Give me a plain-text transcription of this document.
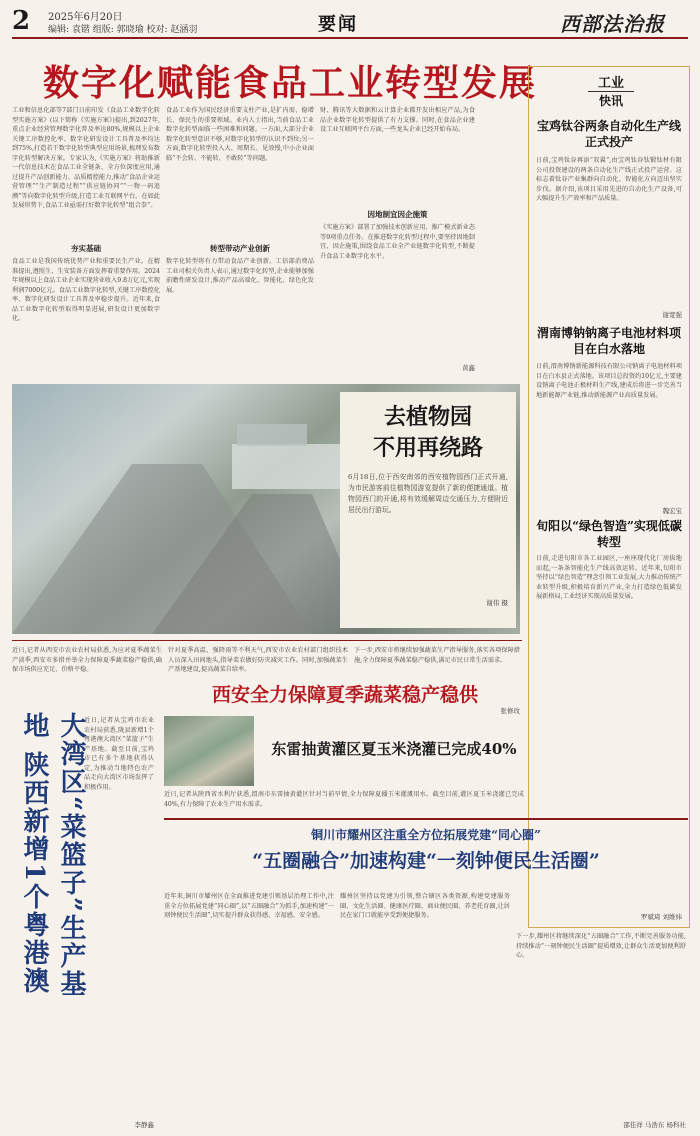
2 2025年6月20日
编辑: 袁锴 组版: 郭晓瑜 校对: 赵涵羽	要闻	西部法治报
数字化赋能食品工业转型发展
工业和信息化部等7部门日前印发《食品工业数字化转型实施方案》(以下简称《实施方案》)提出,到2027年,重点企业经营管理数字化普及率达80%,规模以上企业关键工序数控化率、数字化研发设计工具普及率均达到75%,打造若干数字化转型典型应用场景,梳理发布数字化转型解决方案。专家认为,《实施方案》将助推新一代信息技术在食品工业全链条、全方位深度应用,通过提升产品创新能力、品质精控能力,推动“食品企业运营管理”“生产制造过程”“供应链协同”“一物一码追溯”等向数字化转型升级,打造工业互联网平台。在如此发展形势下,食品工业亟需打好数字化转型“组合拳”。
夯实基础
食品工业是我国传统优势产业和重要民生产业。在精准提出,遵照生、生安装备方面发挥着重要作用。2024年规模以上食品工业企业实现营业收入9.8万亿元,实现利润7000亿元。食品工业数字化转型,关键工序数控化率、数字化研发设计工具普及率稳步提升。近年来,食品工业数字化转型取得明显进展,研发设计更加数字化。
食品工业作为国民经济重要支柱产业,是扩内需、稳增长、保民生的重要领域。业内人士指出,当前食品工业数字化转型面临一些困难和问题。一方面,大部分企业数字化转型意识不够,对数字化转型的认识不到位;另一方面,数字化转型投入大、周期长、见效慢,中小企业面临“不会转、不能转、不敢转”等问题。
转型带动产业创新
数字化转型将有力带动食品产业创新。工信部消费品工业司相关负责人表示,通过数字化转型,企业能够加强前瞻性研发设计,推动产品高端化、智能化、绿色化发展。
财、腾讯等大数据和云计算企业都开发出相应产品,为食品企业数字化转型提供了有力支撑。同时,在食品企业建设工业互联网平台方面,一些龙头企业已经开始布局。
因地制宜因企施策
《实施方案》部署了加强技术创新应用、推广模式新业态等9项重点任务。在推进数字化转型过程中,要坚持因地制宜、因企施策,围绕食品工业全产业链数字化转型,不断提升食品工业数字化水平。
黄鑫
工业
快讯
宝鸡钛谷两条自动化生产线正式投产
日前,宝鸡钛谷再添“双翼”,由宝鸡钛谷钛锻钛材有限公司投资建设的两条自动化生产线正式投产运营。这标志着钛谷产业集群向自动化、智能化方向迈出坚实步伐。据介绍,该项目采用先进的自动化生产设备,可大幅提升生产效率和产品质量。
谢宽强
渭南博钠钠离子电池材料项目在白水落地
日前,渭南博钠新能源科技有限公司钠离子电池材料项目在白水县正式落地。该项目总投资约10亿元,主要建设钠离子电池正极材料生产线,建成后将进一步完善当地新能源产业链,推动新能源产业高质量发展。
魏宏宝
旬阳以“绿色智造”实现低碳转型
日前,走进旬阳市各工业园区,一座座现代化厂房拔地而起,一条条智能化生产线高效运转。近年来,旬阳市坚持以“绿色智造”理念引领工业发展,大力推动传统产业转型升级,积极培育新兴产业,全力打造绿色低碳发展新格局,工业经济实现高质量发展。
罗斌琦 刘维炜
去植物园
不用再绕路
6月18日,位于西安南郊的西安植物园西门正式开通,为市民游客前往植物园游览提供了新的便捷通道。植物园西门的开通,将有效缓解周边交通压力,方便附近居民出行游玩。
谢伟 摄
近日,记者从西安市农业农村局获悉,为应对夏季蔬菜生产淡季,西安市多措并举全力保障夏季蔬菜稳产稳供,确保市场供应充足、价格平稳。
西安全力保障夏季蔬菜稳产稳供
针对夏季高温、强降雨等不利天气,西安市农业农村部门组织技术人员深入田间地头,指导菜农做好防灾减灾工作。同时,加强蔬菜生产基地建设,提高蔬菜自给率。
下一步,西安市将继续加强蔬菜生产指导服务,落实各项保障措施,全力保障夏季蔬菜稳产稳供,满足市民日常生活需求。
张修玫
大湾区“菜篮子”生产基地 陕西新增1个粤港澳	近日,记者从宝鸡市农业农村局获悉,陇县新增1个粤港澳大湾区“菜篮子”生产基地。截至目前,宝鸡市已有多个基地获得认定,为推动当地特色农产品走向大湾区市场发挥了积极作用。
李静鑫
近日,记者从陕西省水利厅获悉,渭南市东雷抽黄灌区针对当前旱情,全力保障夏播玉米灌溉用水。截至目前,灌区夏玉米浇灌已完成40%,有力保障了农业生产用水需求。
东雷抽黄灌区夏玉米浇灌已完成40%
铜川市耀州区注重全方位拓展党建“同心圈”
“五圈融合”加速构建“一刻钟便民生活圈”
近年来,铜川市耀州区在全面推进党建引领基层治理工作中,注重全方位拓展党建“同心圈”,以“五圈融合”为抓手,加速构建“一刻钟便民生活圈”,切实提升群众获得感、幸福感、安全感。
耀州区坚持以党建为引领,整合辖区各类资源,构建党建服务圈、文化生活圈、健康医疗圈、商业便民圈、养老托育圈,让居民在家门口就能享受到便捷服务。
下一步,耀州区将继续深化“五圈融合”工作,不断完善服务功能,持续推动“一刻钟便民生活圈”提质增效,让群众生活更加便利舒心。
邵佳祥 马浩东 杨科社
